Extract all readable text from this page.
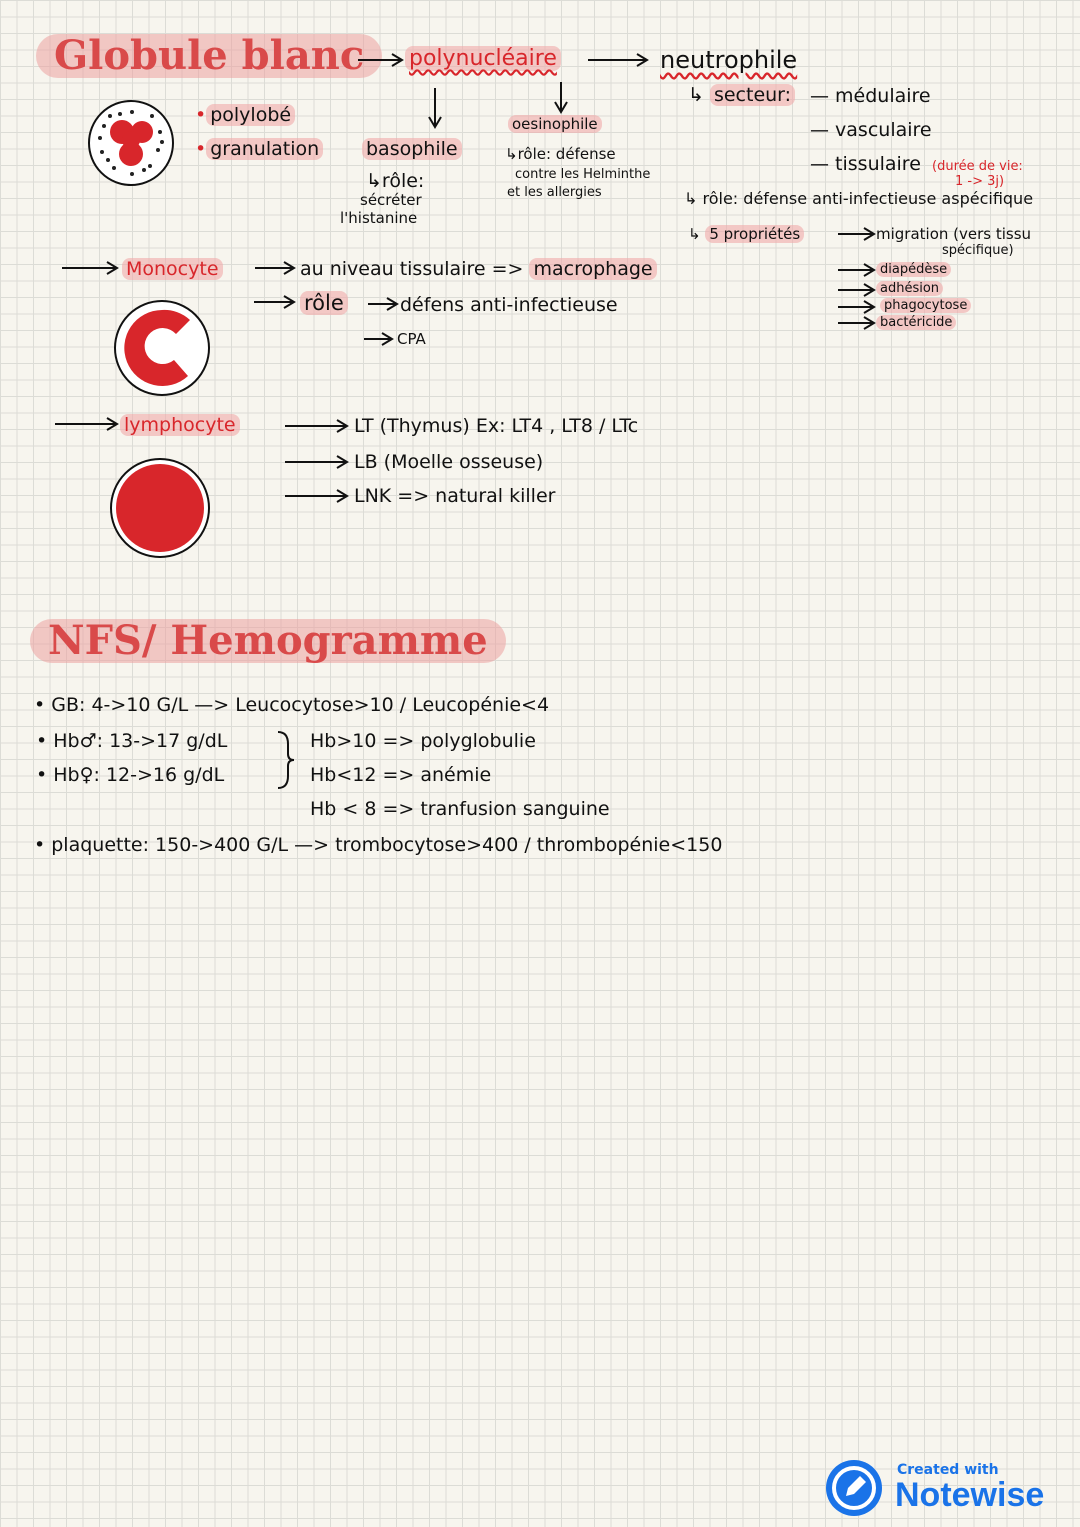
Globule blanc
• polylobé
• granulation
polynucléaire
basophile
↳rôle:
sécréter
l'histanine
oesinophile
↳rôle: défense
contre les Helminthe
et les allergies
neutrophile
↳ secteur: — médulaire
— vasculaire
— tissulaire (durée de vie:
1 -> 3j)
↳ rôle: défense anti-infectieuse aspécifique
↳ 5 propriétés	migration (vers tissu
spécifique)
diapédèse
adhésion
phagocytose
bactéricide
Monocyte	au niveau tissulaire => macrophage
rôle	défens anti-infectieuse
CPA
lymphocyte	LT (Thymus) Ex: LT4 , LT8 / LTc
LB (Moelle osseuse)
LNK => natural killer
NFS/ Hemogramme
• GB: 4->10 G/L —> Leucocytose>10 / Leucopénie<4
• Hb♂: 13->17 g/dL
• Hb♀: 12->16 g/dL
Hb>10 => polyglobulie
Hb<12 => anémie
Hb < 8 => tranfusion sanguine
• plaquette: 150->400 G/L —> trombocytose>400 / thrombopénie<150
Created with
Notewise
